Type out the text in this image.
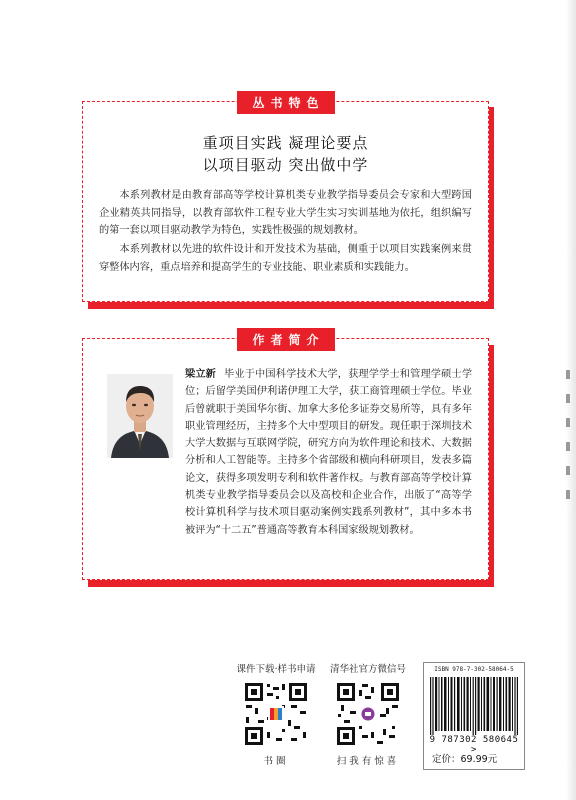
丛书特色
重项目实践 凝理论要点
以项目驱动 突出做中学
本系列教材是由教育部高等学校计算机类专业教学指导委员会专家和大型跨国企业精英共同指导，以教育部软件工程专业大学生实习实训基地为依托，组织编写的第一套以项目驱动教学为特色，实践性极强的规划教材。
本系列教材以先进的软件设计和开发技术为基础，侧重于以项目实践案例来贯穿整体内容，重点培养和提高学生的专业技能、职业素质和实践能力。
作者简介
梁立新 毕业于中国科学技术大学，获理学学士和管理学硕士学位；后留学美国伊利诺伊理工大学，获工商管理硕士学位。毕业后曾就职于美国华尔街、加拿大多伦多证券交易所等，具有多年职业管理经历，主持多个大中型项目的研发。现任职于深圳技术大学大数据与互联网学院，研究方向为软件理论和技术、大数据分析和人工智能等。主持多个省部级和横向科研项目，发表多篇论文，获得多项发明专利和软件著作权。与教育部高等学校计算机类专业教学指导委员会以及高校和企业合作，出版了“高等学校计算机科学与技术项目驱动案例实践系列教材”，其中多本书被评为“十二五”普通高等教育本科国家级规划教材。
课件下载·样书申请
书圈
清华社官方微信号
扫我有惊喜
ISBN 978-7-302-58064-5
9 787302 580645 >
定价：69.99元
